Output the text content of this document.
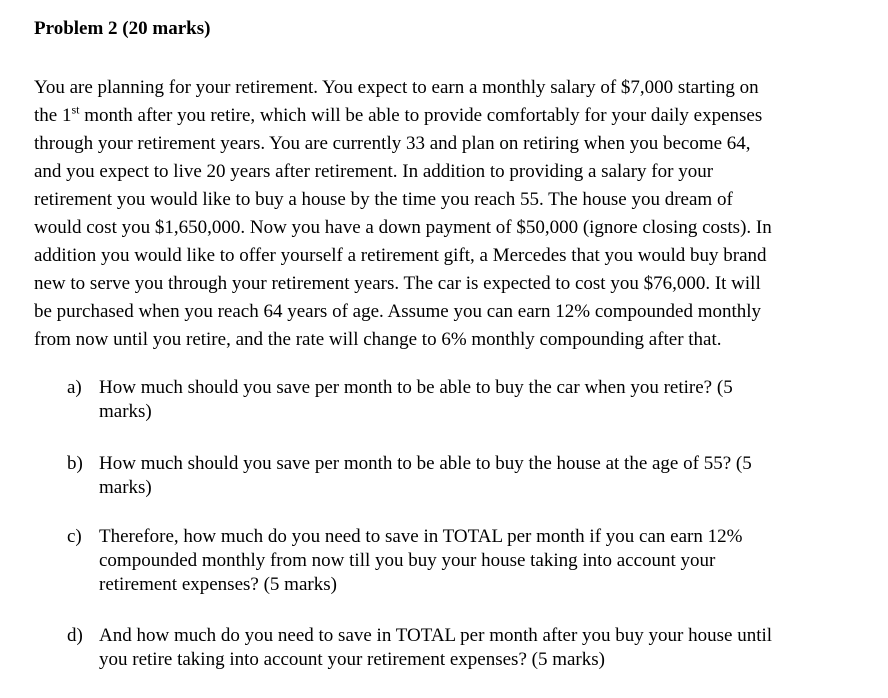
Problem 2 (20 marks)
You are planning for your retirement. You expect to earn a monthly salary of $7,000 starting on
the 1st month after you retire, which will be able to provide comfortably for your daily expenses
through your retirement years. You are currently 33 and plan on retiring when you become 64,
and you expect to live 20 years after retirement. In addition to providing a salary for your
retirement you would like to buy a house by the time you reach 55. The house you dream of
would cost you $1,650,000. Now you have a down payment of $50,000 (ignore closing costs). In
addition you would like to offer yourself a retirement gift, a Mercedes that you would buy brand
new to serve you through your retirement years. The car is expected to cost you $76,000. It will
be purchased when you reach 64 years of age. Assume you can earn 12% compounded monthly
from now until you retire, and the rate will change to 6% monthly compounding after that.
a) How much should you save per month to be able to buy the car when you retire? (5
marks)
b) How much should you save per month to be able to buy the house at the age of 55? (5
marks)
c) Therefore, how much do you need to save in TOTAL per month if you can earn 12%
compounded monthly from now till you buy your house taking into account your
retirement expenses? (5 marks)
d) And how much do you need to save in TOTAL per month after you buy your house until
you retire taking into account your retirement expenses? (5 marks)
